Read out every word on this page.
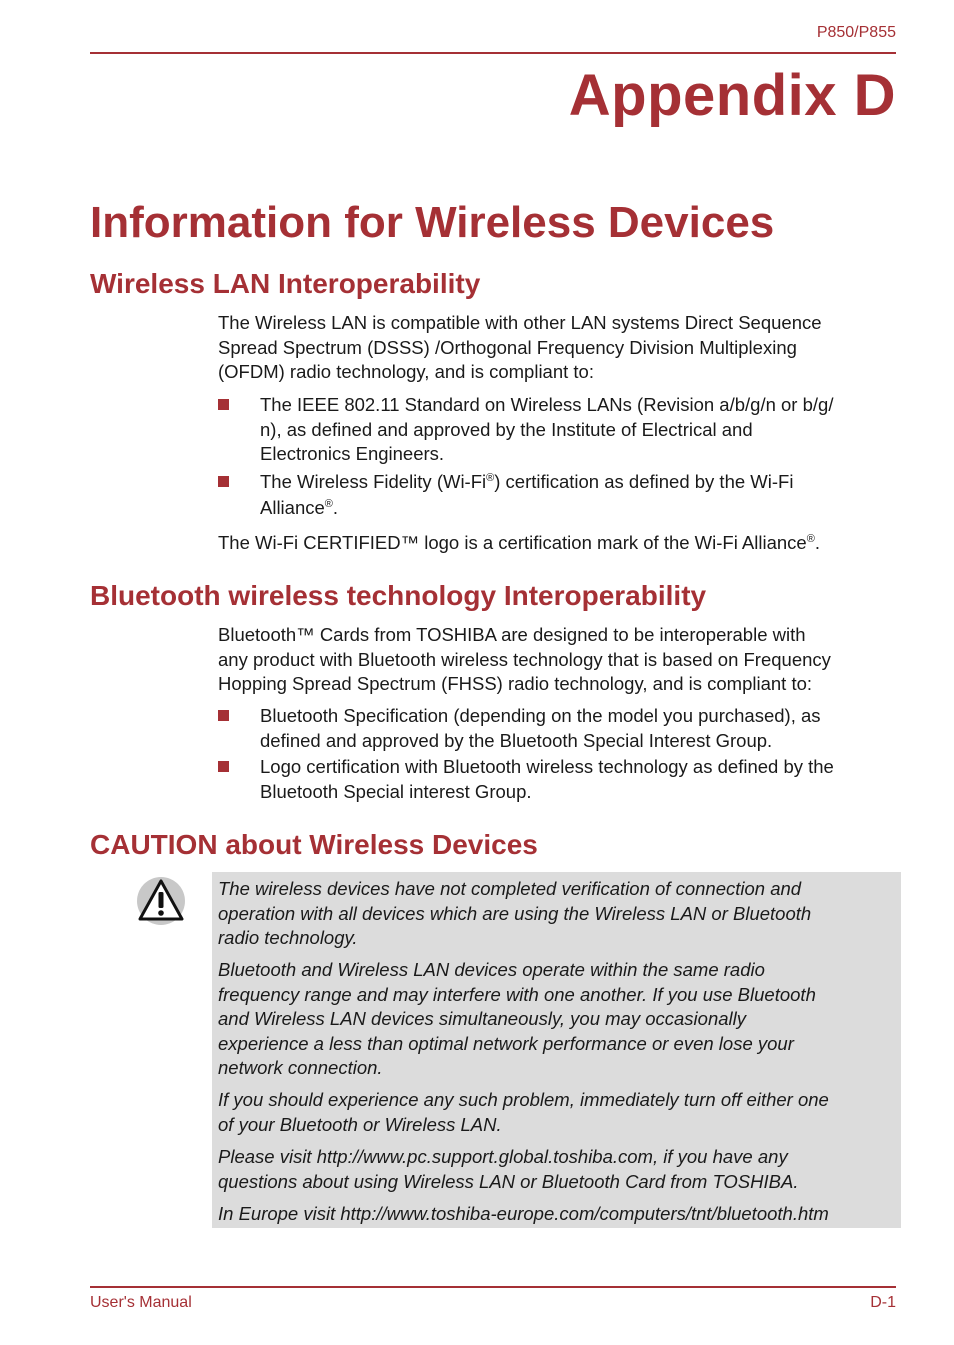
P850/P855
Appendix D
Information for Wireless Devices
Wireless LAN Interoperability
The Wireless LAN is compatible with other LAN systems Direct Sequence
Spread Spectrum (DSSS) /Orthogonal Frequency Division Multiplexing
(OFDM) radio technology, and is compliant to:
The IEEE 802.11 Standard on Wireless LANs (Revision a/b/g/n or b/g/
n), as defined and approved by the Institute of Electrical and
Electronics Engineers.
The Wireless Fidelity (Wi-Fi®) certification as defined by the Wi-Fi
Alliance®.
The Wi-Fi CERTIFIED™ logo is a certification mark of the Wi-Fi Alliance®.
Bluetooth wireless technology Interoperability
Bluetooth™ Cards from TOSHIBA are designed to be interoperable with
any product with Bluetooth wireless technology that is based on Frequency
Hopping Spread Spectrum (FHSS) radio technology, and is compliant to:
Bluetooth Specification (depending on the model you purchased), as
defined and approved by the Bluetooth Special Interest Group.
Logo certification with Bluetooth wireless technology as defined by the
Bluetooth Special interest Group.
CAUTION about Wireless Devices
The wireless devices have not completed verification of connection and
operation with all devices which are using the Wireless LAN or Bluetooth
radio technology.
Bluetooth and Wireless LAN devices operate within the same radio
frequency range and may interfere with one another. If you use Bluetooth
and Wireless LAN devices simultaneously, you may occasionally
experience a less than optimal network performance or even lose your
network connection.
If you should experience any such problem, immediately turn off either one
of your Bluetooth or Wireless LAN.
Please visit http://www.pc.support.global.toshiba.com, if you have any
questions about using Wireless LAN or Bluetooth Card from TOSHIBA.
In Europe visit http://www.toshiba-europe.com/computers/tnt/bluetooth.htm
User's Manual	D-1
